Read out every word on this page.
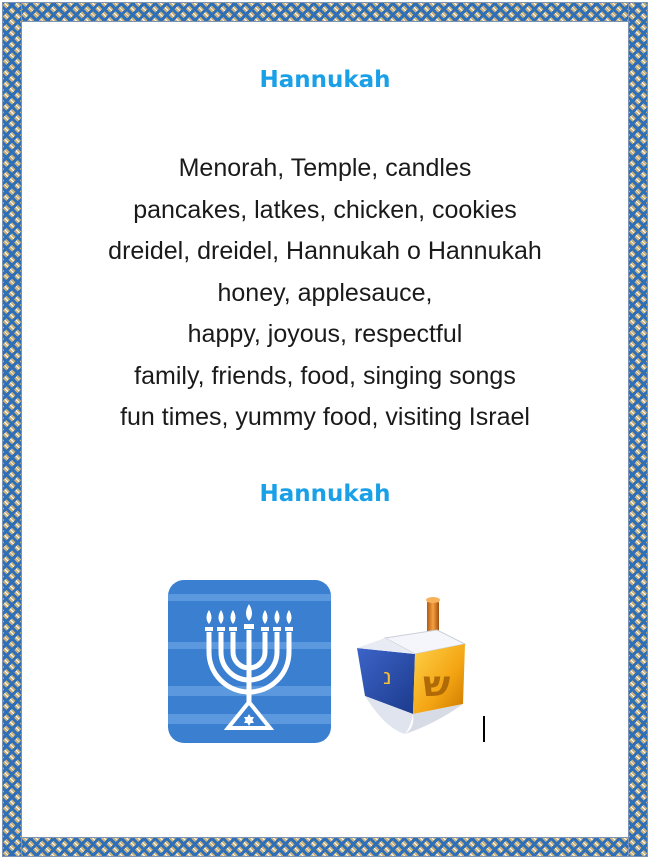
Hannukah
Menorah, Temple, candles
pancakes, latkes, chicken, cookies
dreidel, dreidel, Hannukah o Hannukah
honey, applesauce,
happy, joyous, respectful
family, friends, food, singing songs
fun times, yummy food, visiting Israel
Hannukah
נ ש
